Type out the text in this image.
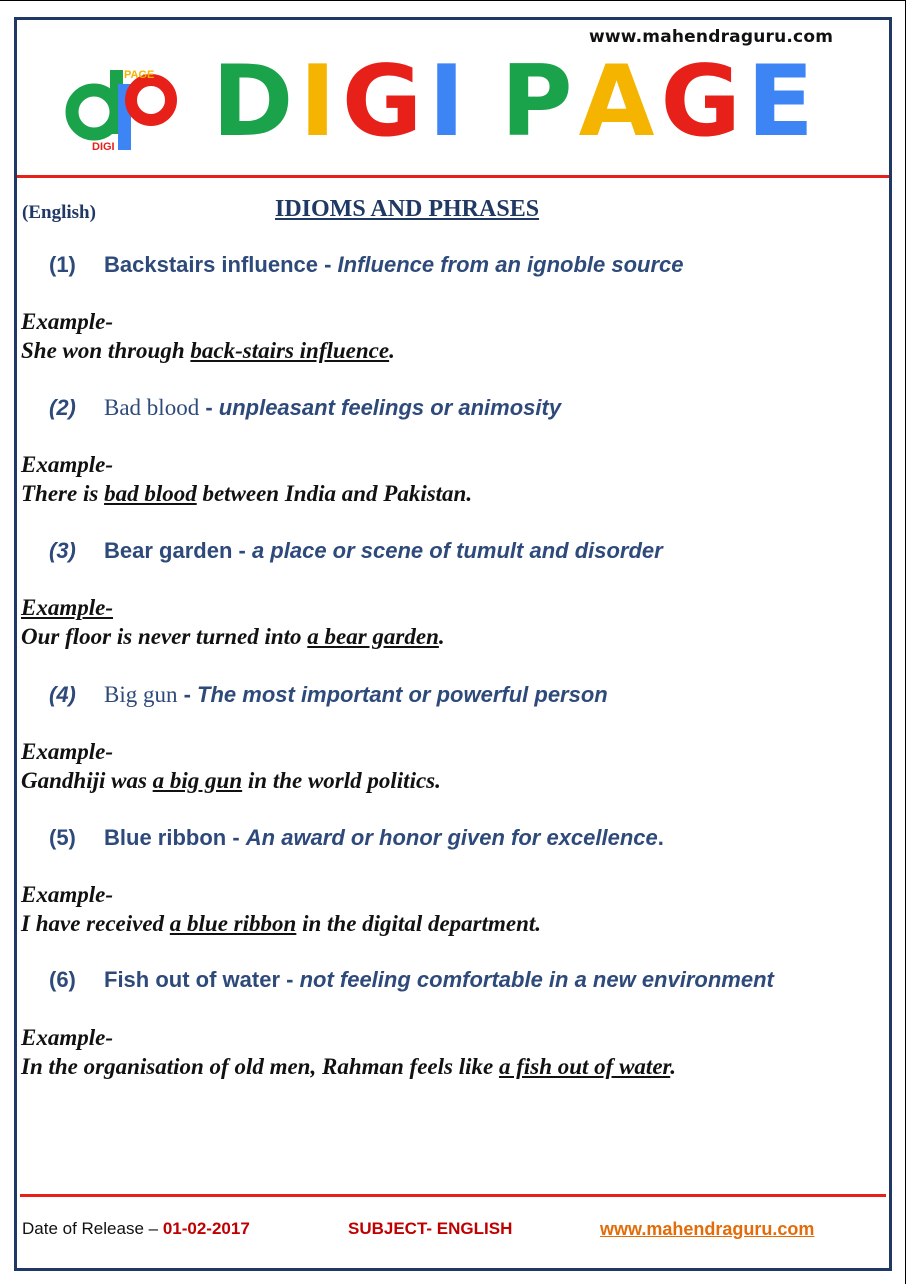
www.mahendraguru.com
PAGE
DIGI DIGI PAGE
(English)	IDIOMS AND PHRASES
(1) Backstairs influence - Influence from an ignoble source
Example-
She won through back-stairs influence.
(2) Bad blood - unpleasant feelings or animosity
Example-
There is bad blood between India and Pakistan.
(3) Bear garden - a place or scene of tumult and disorder
Example-
Our floor is never turned into a bear garden.
(4) Big gun - The most important or powerful person
Example-
Gandhiji was a big gun in the world politics.
(5) Blue ribbon - An award or honor given for excellence.
Example-
I have received a blue ribbon in the digital department.
(6) Fish out of water - not feeling comfortable in a new environment
Example-
In the organisation of old men, Rahman feels like a fish out of water.
Date of Release – 01-02-2017	SUBJECT- ENGLISH	www.mahendraguru.com
